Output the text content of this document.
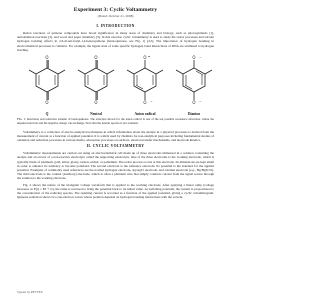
Experiment 3: Cyclic Voltammetry
(Dated: October 21, 2008)
I. INTRODUCTION

Redox reactions of quinone compounds have broad significance in many areas of chemistry and biology, such as photosynthesis [1], antioxidation reactions [2], and wood and paper chemistry [3]. In this exercise cyclic voltammetry is used to study the redox processes and solvent hydrogen bonding effects in 2,6-di-tert-butyl-1,4-benzoquinone (benzoquinone, see Fig. 1) [4,5]. The importance of hydrogen bonding in electrochemical processes is common. For example, the ligand state of some specific hydrogen bond interactions of DNA are attributed to hydrogen bonding.

O
O
Q
O
O
Neutral
O
O −
Anion radical
O −
O −
Dianion

FIG. 1: Reactions and reduction scheme of benzoquinone. The structure shown for the anion radical is one of the ten possible resonance structures, where the unpaired electron and the negative charge can exchange. Note that the neutral species is not aromatic.

Voltammetry is a collection of electro-analytical techniques in which information about the analyte in a physical processes is derived from the measurement of current as a function of applied potential. It is widely used by chemists for non-analytical purposes including fundamental studies of oxidation and reduction processes in various media, adsorption processes on surfaces, electron transfer mechanisms, and electrode kinetics.

II. CYCLIC VOLTAMMETRY

Voltammetric measurements are carried out using an electrochemical cell made up of three electrodes immersed in a solution containing the analyte and an excess of a non-reactive electrolyte called the supporting electrolyte. One of the three electrodes is the working electrode, which is typically made of platinum, gold, silver, glassy carbon, nickel, or palladium. The redox process occurs at this electrode. Its dimensions are kept small in order to enhance its tendency to become polarized. The second electrode is the reference electrode. Its potential is the standard for the applied potential. Examples of commonly used references are the normal hydrogen electrode, Ag/AgCl electrode, and calomel electrode (e.g., Hg/Hg2Cl2). The third electrode is the counter (auxiliary) electrode, which is often a platinum wire that simply conducts current from the signal source through the solution to the working electrode.

Fig. 2 shows the nature of the triangular voltage waveform that is applied to the working electrode. After applying a linear ramp (voltage increases as E(t) = E0 + vt), the ramp is reversed to bring the potential back to its initial value. At switching potential, the current is proportional to the concentration of the reducing species. The resulting current is recorded as a function of the applied potential, giving a cyclic voltammogram. Quinone reduction shows two one-electron waves whose position depends on hydrogen bonding interactions with the solvent.

Typeset by REVTEX
